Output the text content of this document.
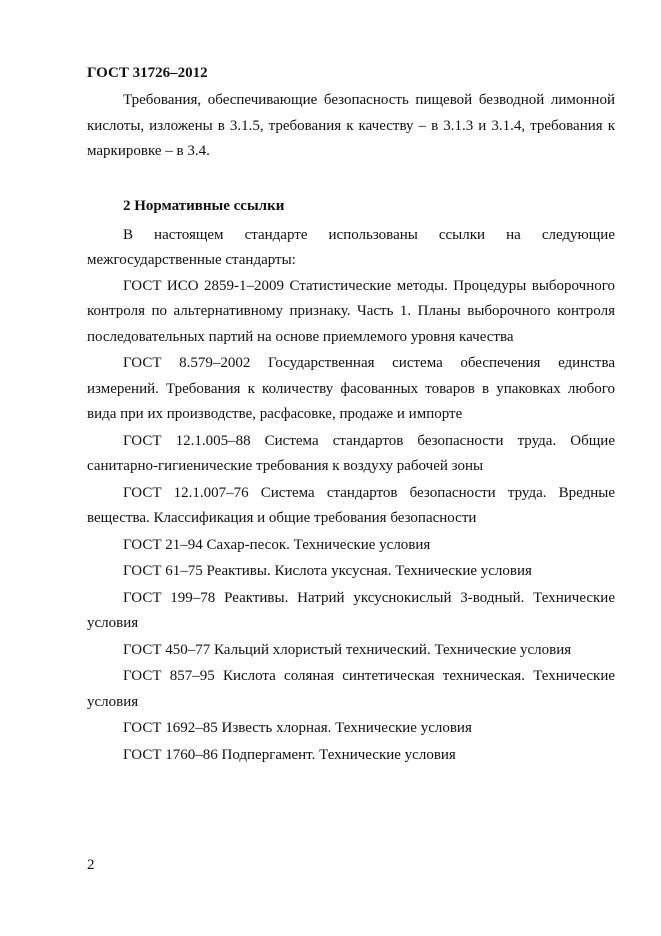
ГОСТ 31726–2012

Требования, обеспечивающие безопасность пищевой безводной лимонной кислоты, изложены в 3.1.5, требования к качеству – в 3.1.3 и 3.1.4, требования к маркировке – в 3.4.

2 Нормативные ссылки

В настоящем стандарте использованы ссылки на следующие межгосударственные стандарты:

ГОСТ ИСО 2859-1–2009 Статистические методы. Процедуры выборочного контроля по альтернативному признаку. Часть 1. Планы выборочного контроля последовательных партий на основе приемлемого уровня качества

ГОСТ 8.579–2002 Государственная система обеспечения единства измерений. Требования к количеству фасованных товаров в упаковках любого вида при их производстве, расфасовке, продаже и импорте

ГОСТ 12.1.005–88 Система стандартов безопасности труда. Общие санитарно-гигиенические требования к воздуху рабочей зоны

ГОСТ 12.1.007–76 Система стандартов безопасности труда. Вредные вещества. Классификация и общие требования безопасности

ГОСТ 21–94 Сахар-песок. Технические условия

ГОСТ 61–75 Реактивы. Кислота уксусная. Технические условия

ГОСТ 199–78 Реактивы. Натрий уксуснокислый 3-водный. Технические условия

ГОСТ 450–77 Кальций хлористый технический. Технические условия

ГОСТ 857–95 Кислота соляная синтетическая техническая. Технические условия

ГОСТ 1692–85 Известь хлорная. Технические условия

ГОСТ 1760–86 Подпергамент. Технические условия

2
